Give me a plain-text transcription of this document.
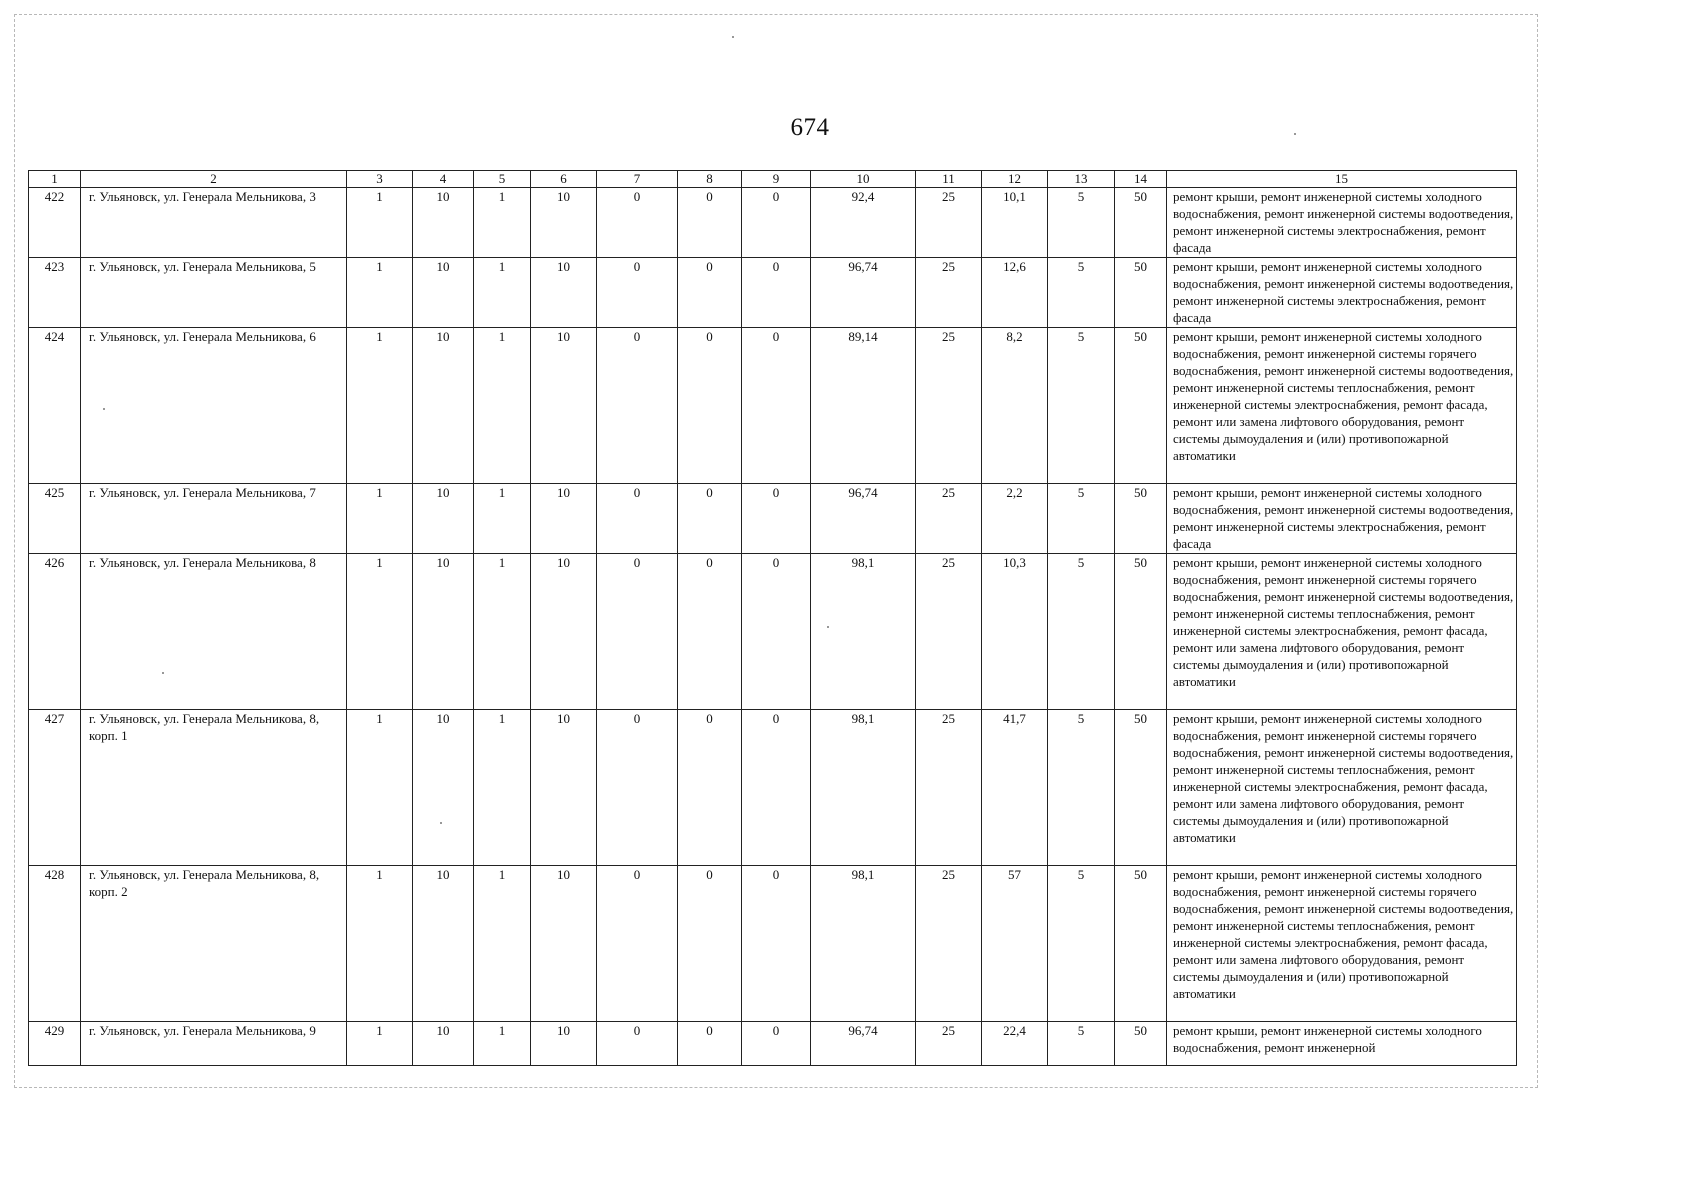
674
1	2	3	4	5	6	7	8	9	10	11	12	13	14	15
422	г. Ульяновск, ул. Генерала Мельникова, 3	1	10	1	10	0	0	0	92,4	25	10,1	5	50	ремонт крыши, ремонт инженерной системы холодного водоснабжения, ремонт инженерной системы водоотведения, ремонт инженерной системы электроснабжения, ремонт фасада
423	г. Ульяновск, ул. Генерала Мельникова, 5	1	10	1	10	0	0	0	96,74	25	12,6	5	50	ремонт крыши, ремонт инженерной системы холодного водоснабжения, ремонт инженерной системы водоотведения, ремонт инженерной системы электроснабжения, ремонт фасада
424	г. Ульяновск, ул. Генерала Мельникова, 6	1	10	1	10	0	0	0	89,14	25	8,2	5	50	ремонт крыши, ремонт инженерной системы холодного водоснабжения, ремонт инженерной системы горячего водоснабжения, ремонт инженерной системы водоотведения, ремонт инженерной системы теплоснабжения, ремонт инженерной системы электроснабжения, ремонт фасада, ремонт или замена лифтового оборудования, ремонт системы дымоудаления и (или) противопожарной автоматики
425	г. Ульяновск, ул. Генерала Мельникова, 7	1	10	1	10	0	0	0	96,74	25	2,2	5	50	ремонт крыши, ремонт инженерной системы холодного водоснабжения, ремонт инженерной системы водоотведения, ремонт инженерной системы электроснабжения, ремонт фасада
426	г. Ульяновск, ул. Генерала Мельникова, 8	1	10	1	10	0	0	0	98,1	25	10,3	5	50	ремонт крыши, ремонт инженерной системы холодного водоснабжения, ремонт инженерной системы горячего водоснабжения, ремонт инженерной системы водоотведения, ремонт инженерной системы теплоснабжения, ремонт инженерной системы электроснабжения, ремонт фасада, ремонт или замена лифтового оборудования, ремонт системы дымоудаления и (или) противопожарной автоматики
427	г. Ульяновск, ул. Генерала Мельникова, 8, корп. 1	1	10	1	10	0	0	0	98,1	25	41,7	5	50	ремонт крыши, ремонт инженерной системы холодного водоснабжения, ремонт инженерной системы горячего водоснабжения, ремонт инженерной системы водоотведения, ремонт инженерной системы теплоснабжения, ремонт инженерной системы электроснабжения, ремонт фасада, ремонт или замена лифтового оборудования, ремонт системы дымоудаления и (или) противопожарной автоматики
428	г. Ульяновск, ул. Генерала Мельникова, 8, корп. 2	1	10	1	10	0	0	0	98,1	25	57	5	50	ремонт крыши, ремонт инженерной системы холодного водоснабжения, ремонт инженерной системы горячего водоснабжения, ремонт инженерной системы водоотведения, ремонт инженерной системы теплоснабжения, ремонт инженерной системы электроснабжения, ремонт фасада, ремонт или замена лифтового оборудования, ремонт системы дымоудаления и (или) противопожарной автоматики
429	г. Ульяновск, ул. Генерала Мельникова, 9	1	10	1	10	0	0	0	96,74	25	22,4	5	50	ремонт крыши, ремонт инженерной системы холодного водоснабжения, ремонт инженерной
